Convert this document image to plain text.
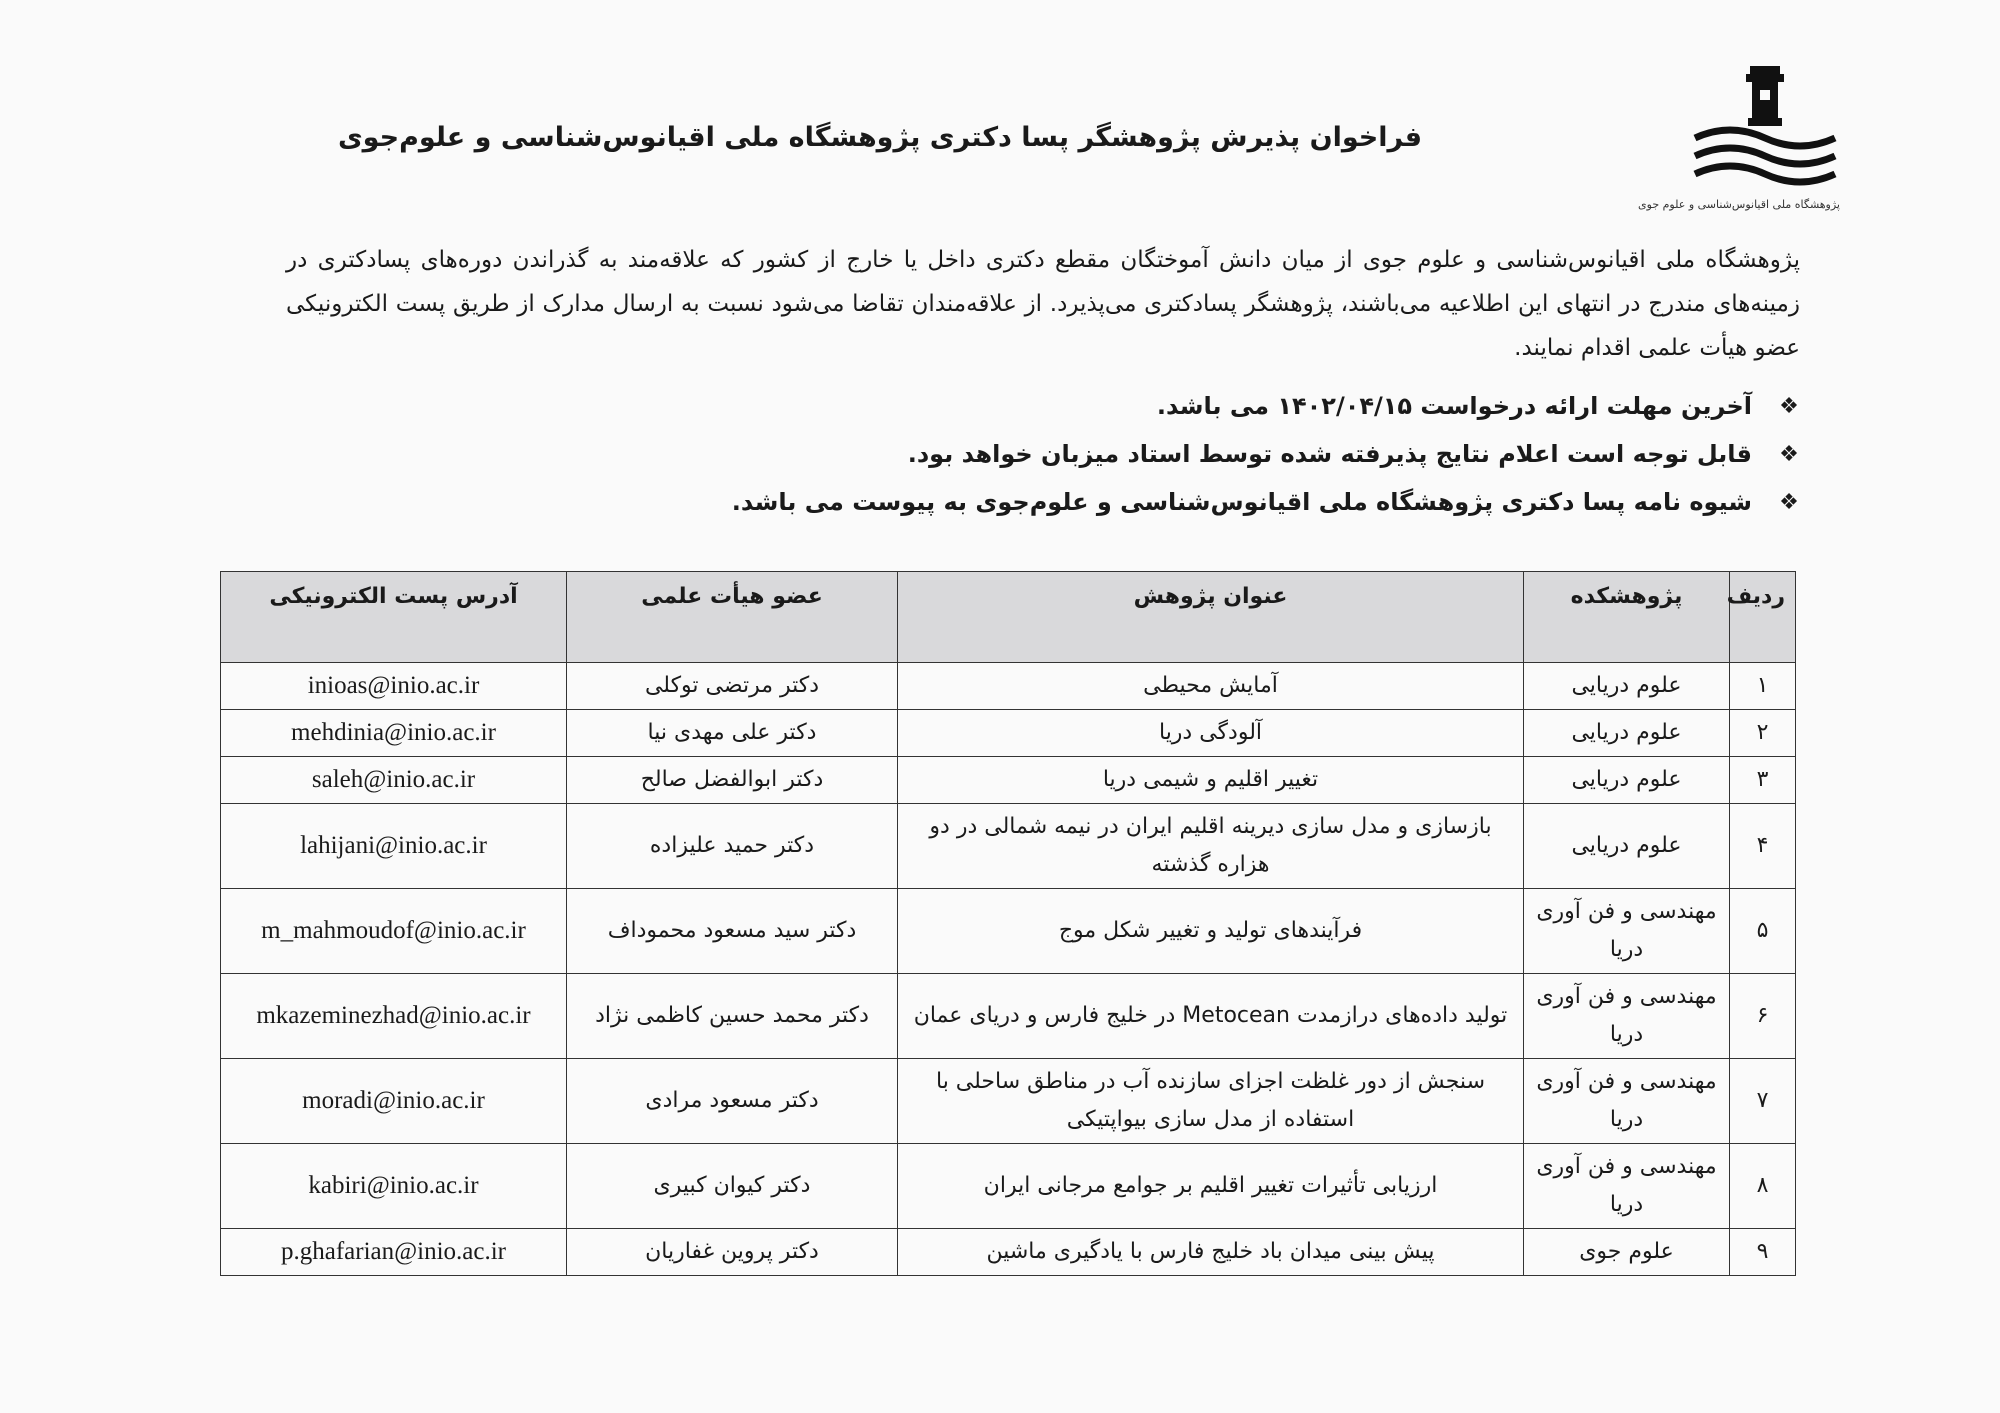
پژوهشگاه ملی اقیانوس‌شناسی و علوم جوی
فراخوان پذیرش پژوهشگر پسا دکتری پژوهشگاه ملی اقیانوس‌شناسی و علوم‌جوی
پژوهشگاه ملی اقیانوس‌شناسی و علوم جوی از میان دانش آموختگان مقطع دکتری داخل یا خارج از کشور که علاقه‌مند به گذراندن دوره‌های پسادکتری در زمینه‌های مندرج در انتهای این اطلاعیه می‌باشند، پژوهشگر پسادکتری می‌پذیرد. از علاقه‌مندان تقاضا می‌شود نسبت به ارسال مدارک از طریق پست الکترونیکی عضو هیأت علمی اقدام نمایند.
❖
آخرین مهلت ارائه درخواست ۱۴۰۲/۰۴/۱۵ می باشد.
❖
قابل توجه است اعلام نتایج پذیرفته شده توسط استاد میزبان خواهد بود.
❖
شیوه نامه پسا دکتری پژوهشگاه ملی اقیانوس‌شناسی و علوم‌جوی به پیوست می باشد.
ردیف	پژوهشکده	عنوان پژوهش	عضو هیأت علمی	آدرس پست الکترونیکی
۱	علوم دریایی	آمایش محیطی	دکتر مرتضی توکلی	inioas@inio.ac.ir
۲	علوم دریایی	آلودگی دریا	دکتر علی مهدی نیا	mehdinia@inio.ac.ir
۳	علوم دریایی	تغییر اقلیم و شیمی دریا	دکتر ابوالفضل صالح	saleh@inio.ac.ir
۴	علوم دریایی	بازسازی و مدل سازی دیرینه اقلیم ایران در نیمه شمالی در دو هزاره گذشته	دکتر حمید علیزاده	lahijani@inio.ac.ir
۵	مهندسی و فن آوری دریا	فرآیندهای تولید و تغییر شکل موج	دکتر سید مسعود محموداف	m_mahmoudof@inio.ac.ir
۶	مهندسی و فن آوری دریا	تولید داده‌های درازمدت Metocean در خلیج فارس و دریای عمان	دکتر محمد حسین کاظمی نژاد	mkazeminezhad@inio.ac.ir
۷	مهندسی و فن آوری دریا	سنجش از دور غلظت اجزای سازنده آب در مناطق ساحلی با استفاده از مدل سازی بیواپتیکی	دکتر مسعود مرادی	moradi@inio.ac.ir
۸	مهندسی و فن آوری دریا	ارزیابی تأثیرات تغییر اقلیم بر جوامع مرجانی ایران	دکتر کیوان کبیری	kabiri@inio.ac.ir
۹	علوم جوی	پیش بینی میدان باد خلیج فارس با یادگیری ماشین	دکتر پروین غفاریان	p.ghafarian@inio.ac.ir
